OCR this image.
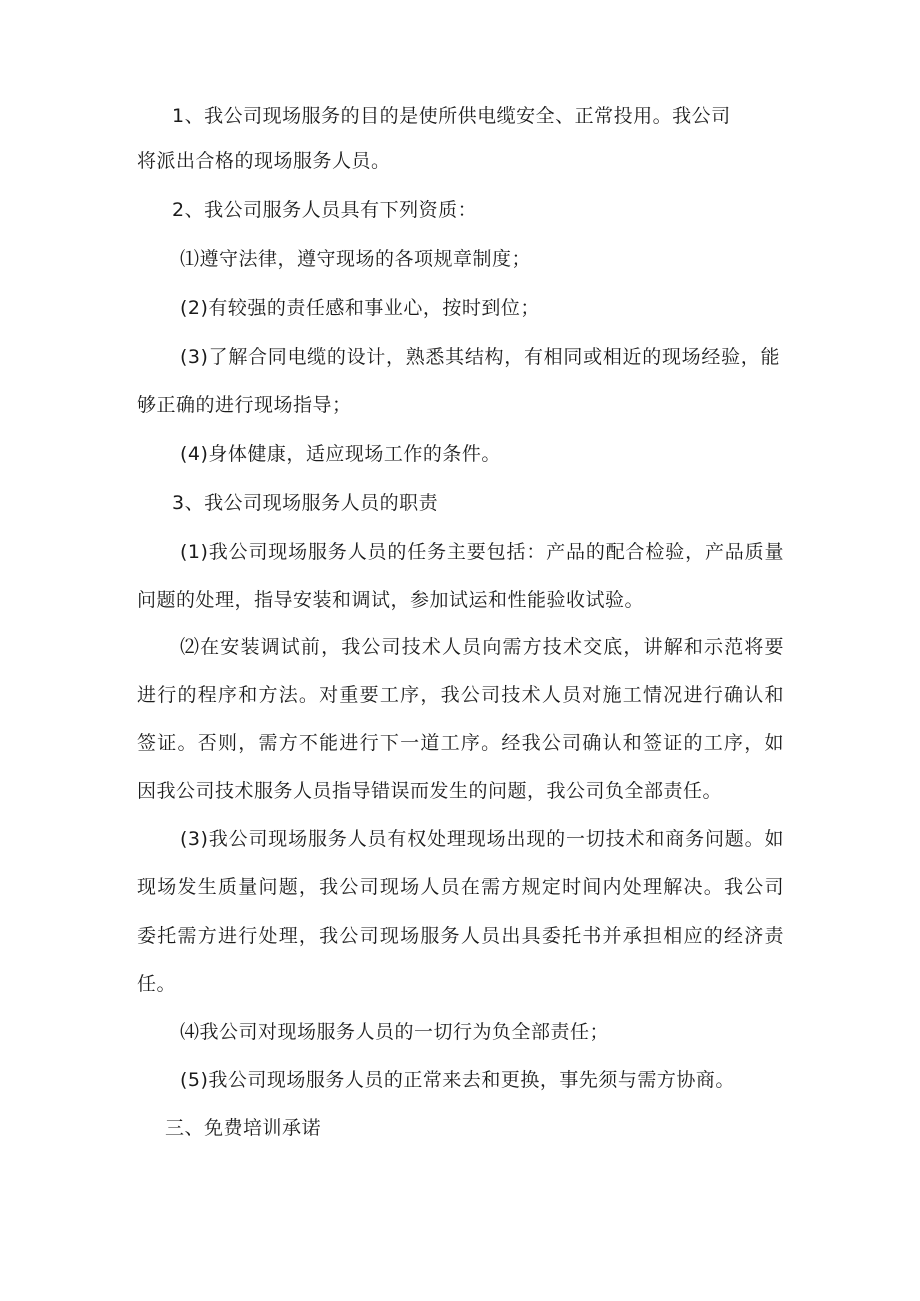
1、我公司现场服务的目的是使所供电缆安全、正常投用。我公司
将派出合格的现场服务人员。
2、我公司服务人员具有下列资质：
⑴遵守法律，遵守现场的各项规章制度；
(2)有较强的责任感和事业心，按时到位；
(3)了解合同电缆的设计，熟悉其结构，有相同或相近的现场经验，能
够正确的进行现场指导；
(4)身体健康，适应现场工作的条件。
3、我公司现场服务人员的职责
(1)我公司现场服务人员的任务主要包括：产品的配合检验，产品质量
问题的处理，指导安装和调试，参加试运和性能验收试验。
⑵在安装调试前，我公司技术人员向需方技术交底，讲解和示范将要
进行的程序和方法。对重要工序，我公司技术人员对施工情况进行确认和
签证。否则，需方不能进行下一道工序。经我公司确认和签证的工序，如
因我公司技术服务人员指导错误而发生的问题，我公司负全部责任。
(3)我公司现场服务人员有权处理现场出现的一切技术和商务问题。如
现场发生质量问题，我公司现场人员在需方规定时间内处理解决。我公司
委托需方进行处理，我公司现场服务人员出具委托书并承担相应的经济责
任。
⑷我公司对现场服务人员的一切行为负全部责任；
(5)我公司现场服务人员的正常来去和更换，事先须与需方协商。
三、免费培训承诺
